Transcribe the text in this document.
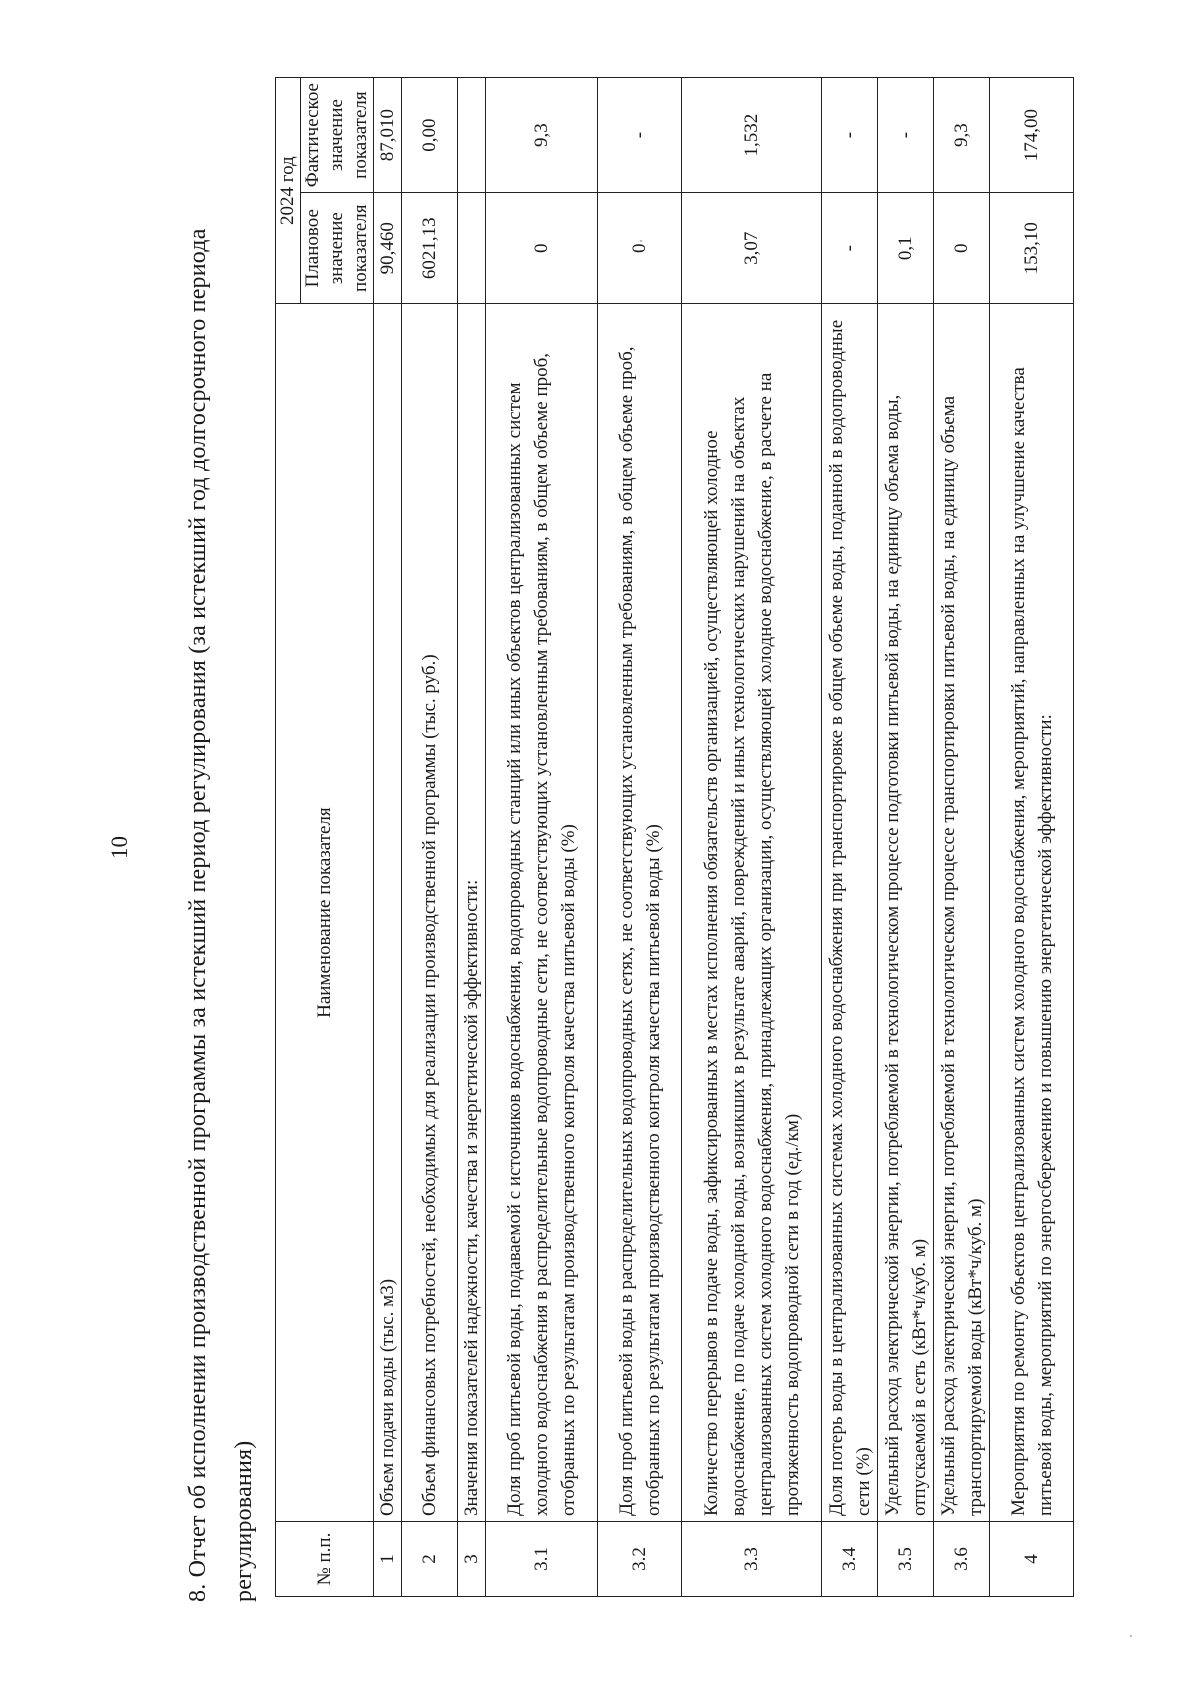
10	8. Отчет об исполнении производственной программы за истекший период регулирования (за истекший год долгосрочного периода регулирования)	№ п.п.	Наименование показателя	2024 год	
		Плановое значение показателя	Фактическое значение показателя
1	Объем подачи воды (тыс. м3)	90,460	87,010
2	Объем финансовых потребностей, необходимых для реализации производственной программы (тыс. руб.)	6021,13	0,00
3	Значения показателей надежности, качества и энергетической эффективности:		
3.1	Доля проб питьевой воды, подаваемой с источников водоснабжения, водопроводных станций или иных объектов централизованных систем холодного водоснабжения в распределительные водопроводные сети, не соответствующих установленным требованиям, в общем объеме проб, отобранных по результатам производственного контроля качества питьевой воды (%)	0	9,3
3.2	Доля проб питьевой воды в распределительных водопроводных сетях, не соответствующих установленным требованиям, в общем объеме проб, отобранных по результатам производственного контроля качества питьевой воды (%)	0	-
3.3	Количество перерывов в подаче воды, зафиксированных в местах исполнения обязательств организацией, осуществляющей холодное водоснабжение, по подаче холодной воды, возникших в результате аварий, повреждений и иных технологических нарушений на объектах централизованных систем холодного водоснабжения, принадлежащих организации, осуществляющей холодное водоснабжение, в расчете на протяженность водопроводной сети в год (ед./км)	3,07	1,532
3.4	Доля потерь воды в централизованных системах холодного водоснабжения при транспортировке в общем объеме воды, поданной в водопроводные сети (%)	-	-
3.5	Удельный расход электрической энергии, потребляемой в технологическом процессе подготовки питьевой воды, на единицу объема воды, отпускаемой в сеть (кВт*ч/куб. м)	0,1	-
3.6	Удельный расход электрической энергии, потребляемой в технологическом процессе транспортировки питьевой воды, на единицу объема транспортируемой воды (кВт*ч/куб. м)	0	9,3
4	Мероприятия по ремонту объектов централизованных систем холодного водоснабжения, мероприятий, направленных на улучшение качества питьевой воды, мероприятий по энергосбережению и повышению энергетической эффективности:	153,10	174,00
